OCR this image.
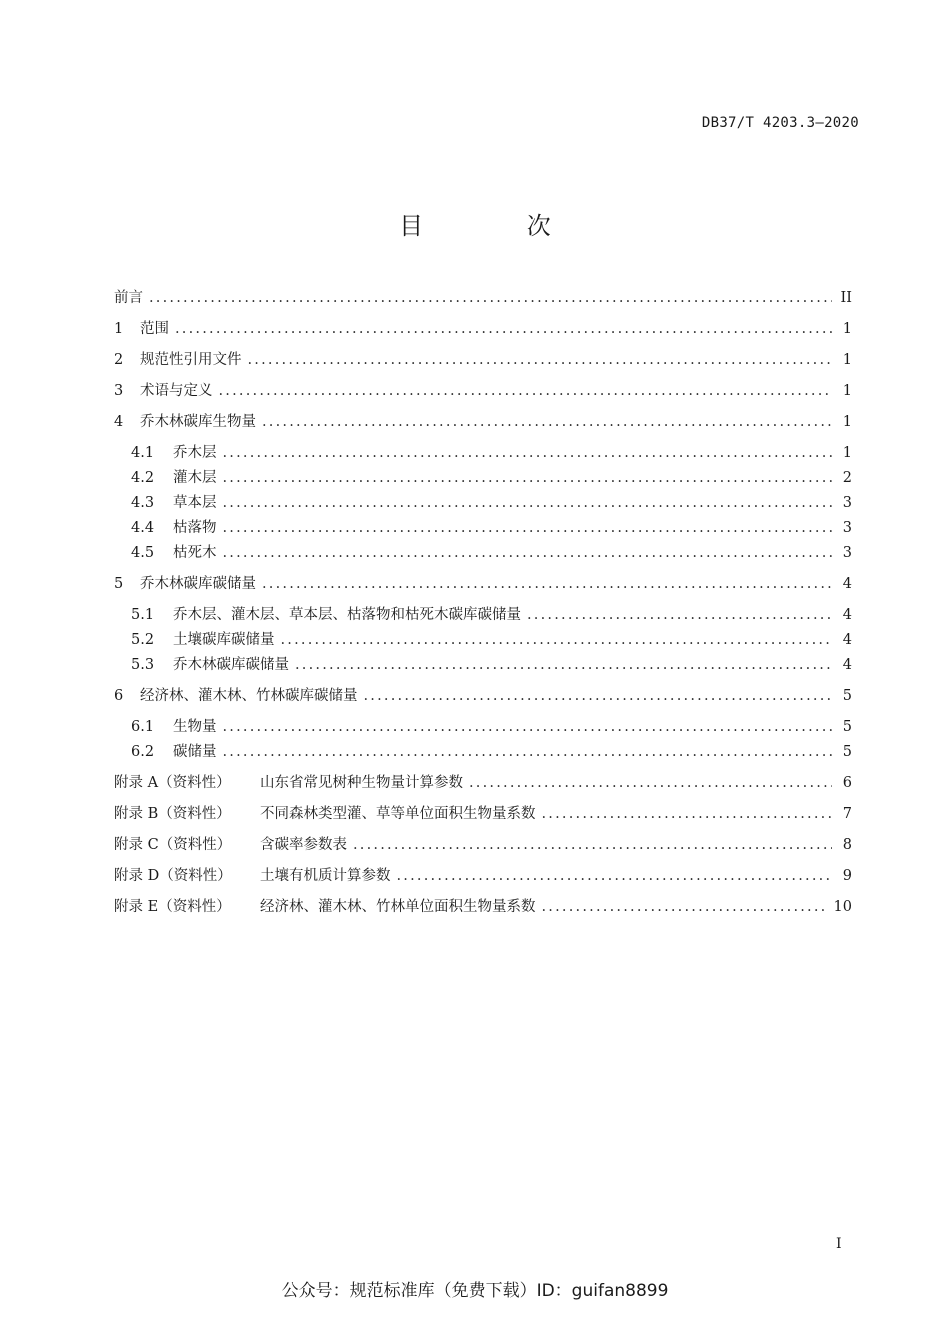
DB37/T 4203.3—2020
目 次
前言 .....	II
1	范围 .....	1
2	规范性引用文件 .....	1
3	术语与定义 .....	1
4	乔木林碳库生物量 .....	1
4.1	乔木层 .....	1
4.2	灌木层 .....	2
4.3	草本层 .....	3
4.4	枯落物 .....	3
4.5	枯死木 .....	3
5	乔木林碳库碳储量 .....	4
5.1	乔木层、灌木层、草本层、枯落物和枯死木碳库碳储量 .....	4
5.2	土壤碳库碳储量 .....	4
5.3	乔木林碳库碳储量 .....	4
6	经济林、灌木林、竹林碳库碳储量 .....	5
6.1	生物量 .....	5
6.2	碳储量 .....	5
附录 A（资料性）	山东省常见树种生物量计算参数 .....	6
附录 B（资料性）	不同森林类型灌、草等单位面积生物量系数 .....	7
附录 C（资料性）	含碳率参数表 .....	8
附录 D（资料性）	土壤有机质计算参数 .....	9
附录 E（资料性）	经济林、灌木林、竹林单位面积生物量系数 .....	10
I
公众号：规范标准库（免费下载）ID：guifan8899
